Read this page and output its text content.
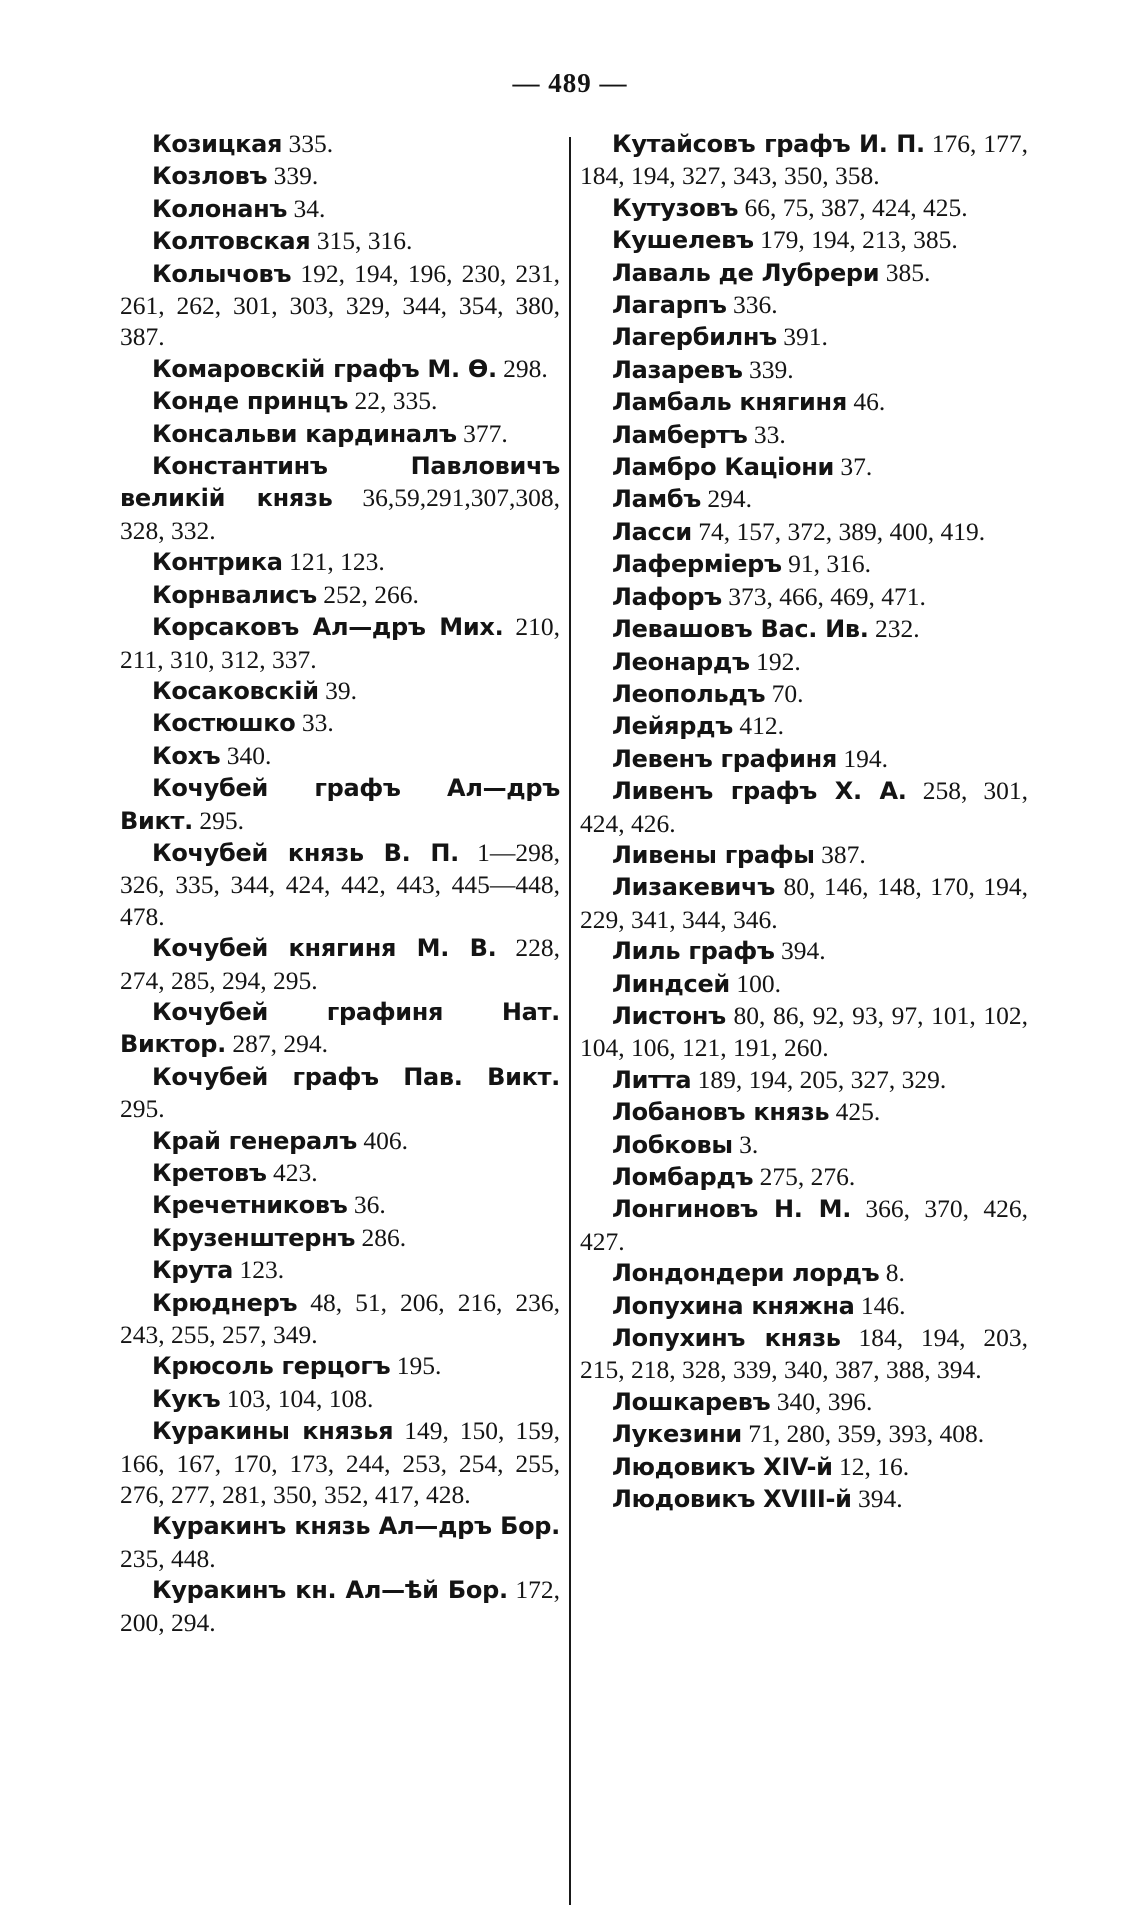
— 489 —

Козицкая 335.

Козловъ 339.

Колонанъ 34.

Колтовская 315, 316.

Колычовъ 192, 194, 196, 230, 231, 261, 262, 301, 303, 329, 344, 354, 380, 387.

Комаровскій графъ М. Ө. 298.

Конде принцъ 22, 335.

Консальви кардиналъ 377.

Константинъ Павловичъ великій князь 36,59,291,307,308, 328, 332.

Контрика 121, 123.

Корнвалисъ 252, 266.

Корсаковъ Ал—дръ Мих. 210, 211, 310, 312, 337.

Косаковскій 39.

Костюшко 33.

Кохъ 340.

Кочубей графъ Ал—дръ Викт. 295.

Кочубей князь В. П. 1—298, 326, 335, 344, 424, 442, 443, 445—448, 478.

Кочубей княгиня М. В. 228, 274, 285, 294, 295.

Кочубей графиня Нат. Виктор. 287, 294.

Кочубей графъ Пав. Викт. 295.

Край генералъ 406.

Кретовъ 423.

Кречетниковъ 36.

Крузенштернъ 286.

Крута 123.

Крюднеръ 48, 51, 206, 216, 236, 243, 255, 257, 349.

Крюсоль герцогъ 195.

Кукъ 103, 104, 108.

Куракины князья 149, 150, 159, 166, 167, 170, 173, 244, 253, 254, 255, 276, 277, 281, 350, 352, 417, 428.

Куракинъ князь Ал—дръ Бор. 235, 448.

Куракинъ кн. Ал—ѣй Бор. 172, 200, 294.

Кутайсовъ графъ И. П. 176, 177, 184, 194, 327, 343, 350, 358.

Кутузовъ 66, 75, 387, 424, 425.

Кушелевъ 179, 194, 213, 385.

Лаваль де Лубрери 385.

Лагарпъ 336.

Лагербилнъ 391.

Лазаревъ 339.

Ламбаль княгиня 46.

Ламбертъ 33.

Ламбро Каціони 37.

Ламбъ 294.

Ласси 74, 157, 372, 389, 400, 419.

Лаферміеръ 91, 316.

Лафоръ 373, 466, 469, 471.

Левашовъ Вас. Ив. 232.

Леонардъ 192.

Леопольдъ 70.

Лейярдъ 412.

Левенъ графиня 194.

Ливенъ графъ Х. А. 258, 301, 424, 426.

Ливены графы 387.

Лизакевичъ 80, 146, 148, 170, 194, 229, 341, 344, 346.

Лиль графъ 394.

Линдсей 100.

Листонъ 80, 86, 92, 93, 97, 101, 102, 104, 106, 121, 191, 260.

Литта 189, 194, 205, 327, 329.

Лобановъ князь 425.

Лобковы 3.

Ломбардъ 275, 276.

Лонгиновъ Н. М. 366, 370, 426, 427.

Лондондери лордъ 8.

Лопухина княжна 146.

Лопухинъ князь 184, 194, 203, 215, 218, 328, 339, 340, 387, 388, 394.

Лошкаревъ 340, 396.

Лукезини 71, 280, 359, 393, 408.

Людовикъ XIV-й 12, 16.

Людовикъ XVIII-й 394.
